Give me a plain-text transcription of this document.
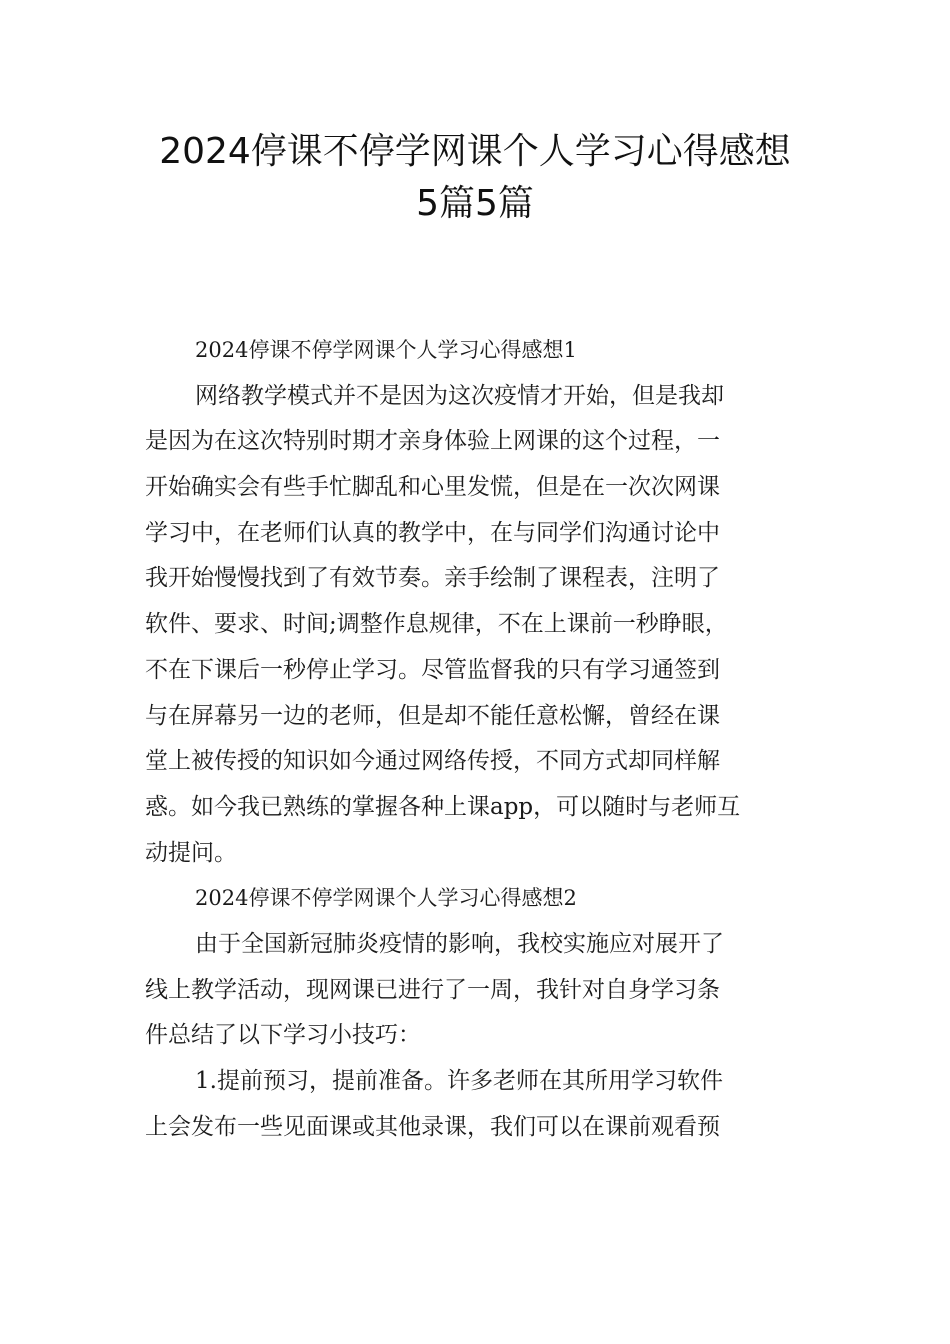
2024停课不停学网课个人学习心得感想
5篇5篇
2024停课不停学网课个人学习心得感想1
网络教学模式并不是因为这次疫情才开始，但是我却
是因为在这次特别时期才亲身体验上网课的这个过程，一
开始确实会有些手忙脚乱和心里发慌，但是在一次次网课
学习中，在老师们认真的教学中，在与同学们沟通讨论中
我开始慢慢找到了有效节奏。亲手绘制了课程表，注明了
软件、要求、时间;调整作息规律，不在上课前一秒睁眼，
不在下课后一秒停止学习。尽管监督我的只有学习通签到
与在屏幕另一边的老师，但是却不能任意松懈，曾经在课
堂上被传授的知识如今通过网络传授，不同方式却同样解
惑。如今我已熟练的掌握各种上课app，可以随时与老师互
动提问。
2024停课不停学网课个人学习心得感想2
由于全国新冠肺炎疫情的影响，我校实施应对展开了
线上教学活动，现网课已进行了一周，我针对自身学习条
件总结了以下学习小技巧：
1.提前预习，提前准备。许多老师在其所用学习软件
上会发布一些见面课或其他录课，我们可以在课前观看预
